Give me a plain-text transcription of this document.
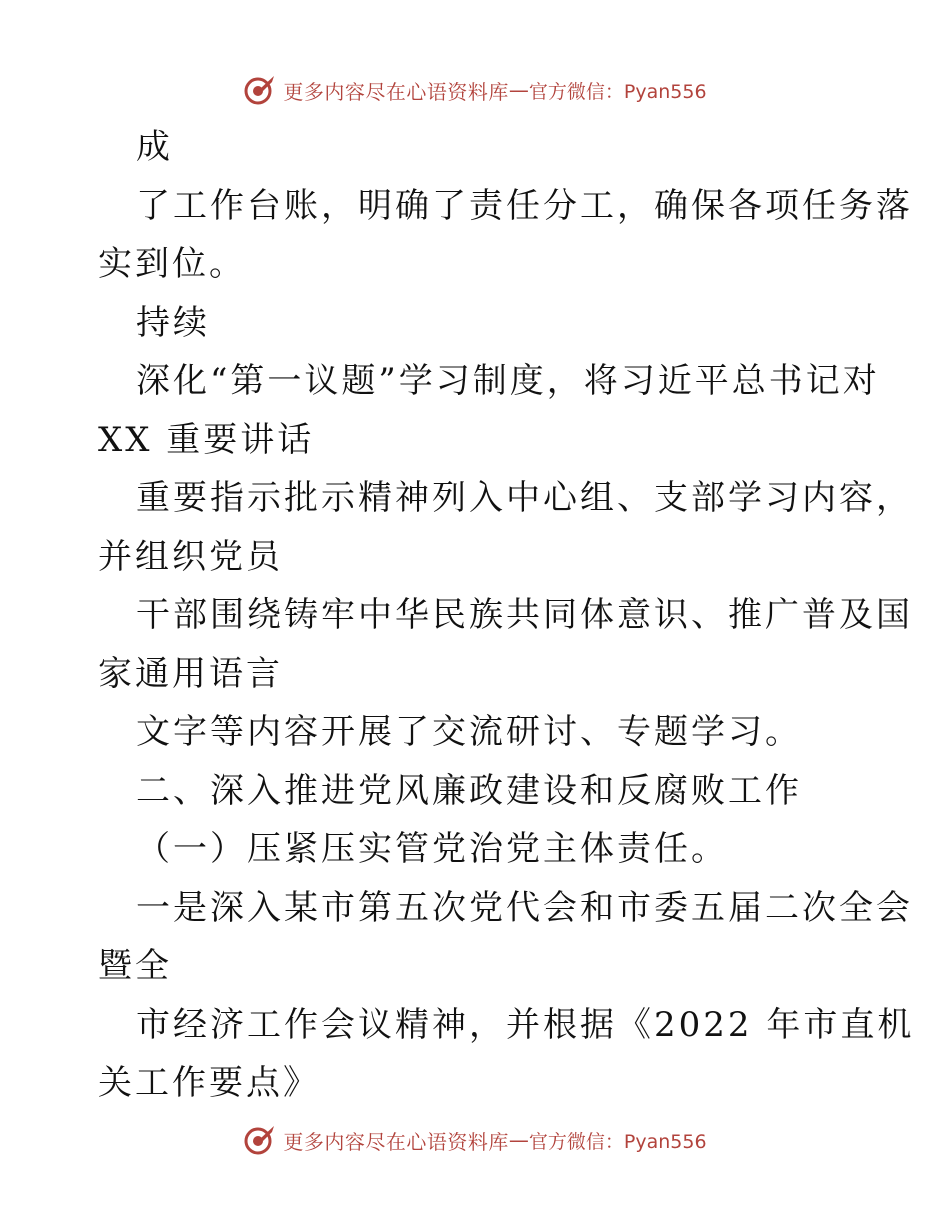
更多内容尽在心语资料库 — 官方微信：Pyan556
成
了工作台账，明确了责任分工，确保各项任务落
实到位。
持续
深化“第一议题”学习制度，将习近平总书记对
XX 重要讲话
重要指示批示精神列入中心组、支部学习内容，
并组织党员
干部围绕铸牢中华民族共同体意识、推广普及国
家通用语言
文字等内容开展了交流研讨、专题学习。
二、深入推进党风廉政建设和反腐败工作
（一）压紧压实管党治党主体责任。
一是深入某市第五次党代会和市委五届二次全会
暨全
市经济工作会议精神，并根据《2022 年市直机
关工作要点》
更多内容尽在心语资料库 — 官方微信：Pyan556
